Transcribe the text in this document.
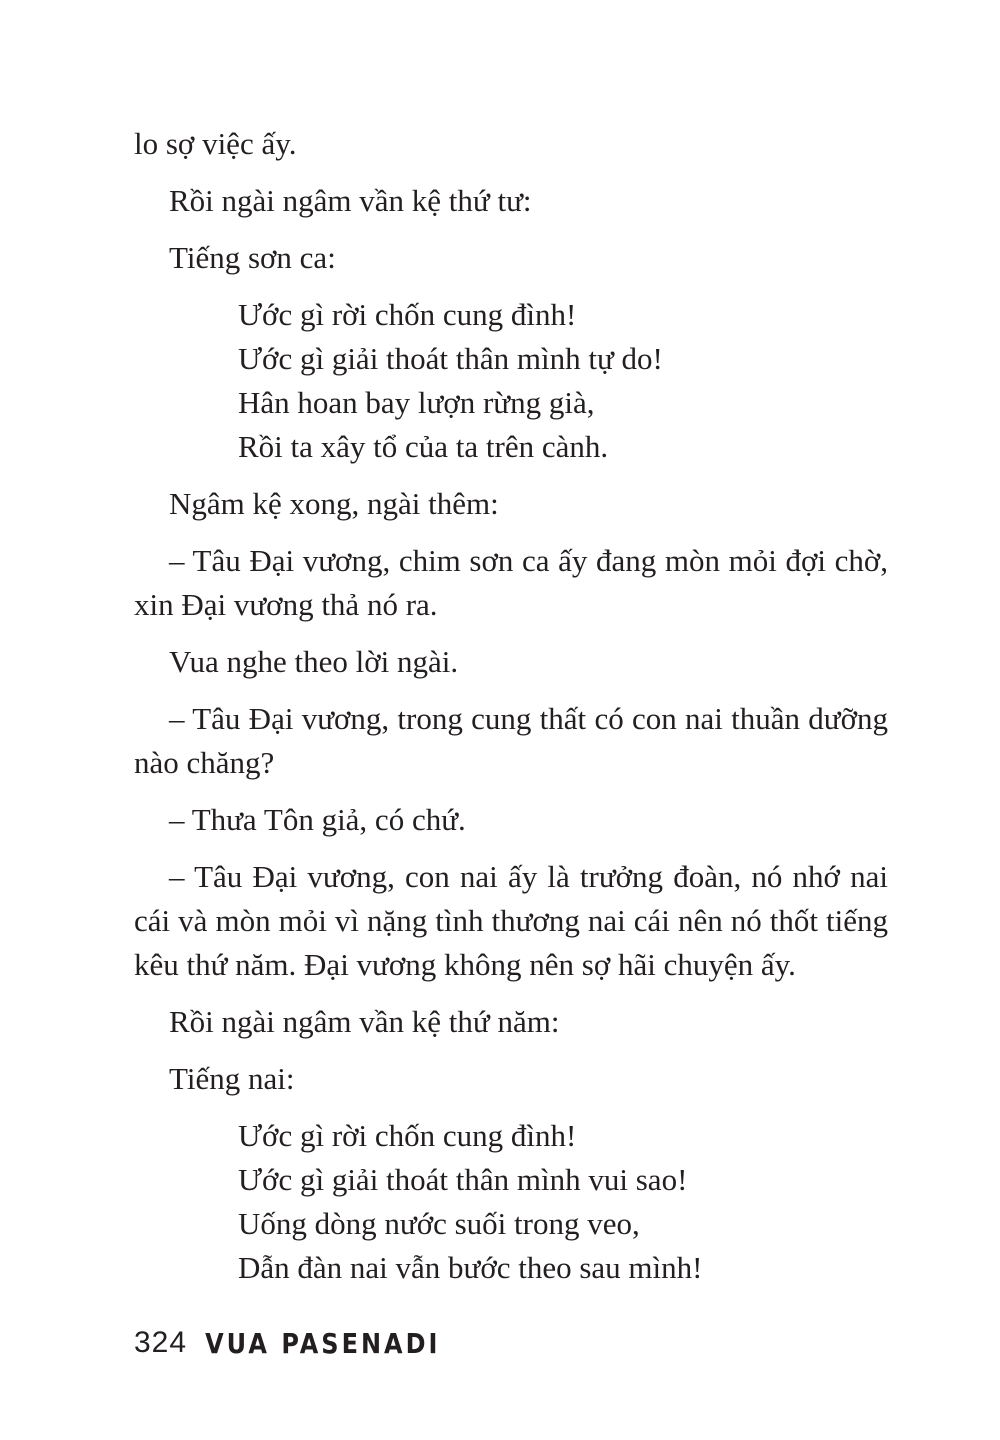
lo sợ việc ấy.

Rồi ngài ngâm vần kệ thứ tư:

Tiếng sơn ca:

Ước gì rời chốn cung đình!
Ước gì giải thoát thân mình tự do!
Hân hoan bay lượn rừng già,
Rồi ta xây tổ của ta trên cành.

Ngâm kệ xong, ngài thêm:

– Tâu Đại vương, chim sơn ca ấy đang mòn mỏi đợi chờ, xin Đại vương thả nó ra.

Vua nghe theo lời ngài.

– Tâu Đại vương, trong cung thất có con nai thuần dưỡng nào chăng?

– Thưa Tôn giả, có chứ.

– Tâu Đại vương, con nai ấy là trưởng đoàn, nó nhớ nai cái và mòn mỏi vì nặng tình thương nai cái nên nó thốt tiếng kêu thứ năm. Đại vương không nên sợ hãi chuyện ấy.

Rồi ngài ngâm vần kệ thứ năm:

Tiếng nai:

Ước gì rời chốn cung đình!
Ước gì giải thoát thân mình vui sao!
Uống dòng nước suối trong veo,
Dẫn đàn nai vẫn bước theo sau mình!
324 VUA PASENADI
